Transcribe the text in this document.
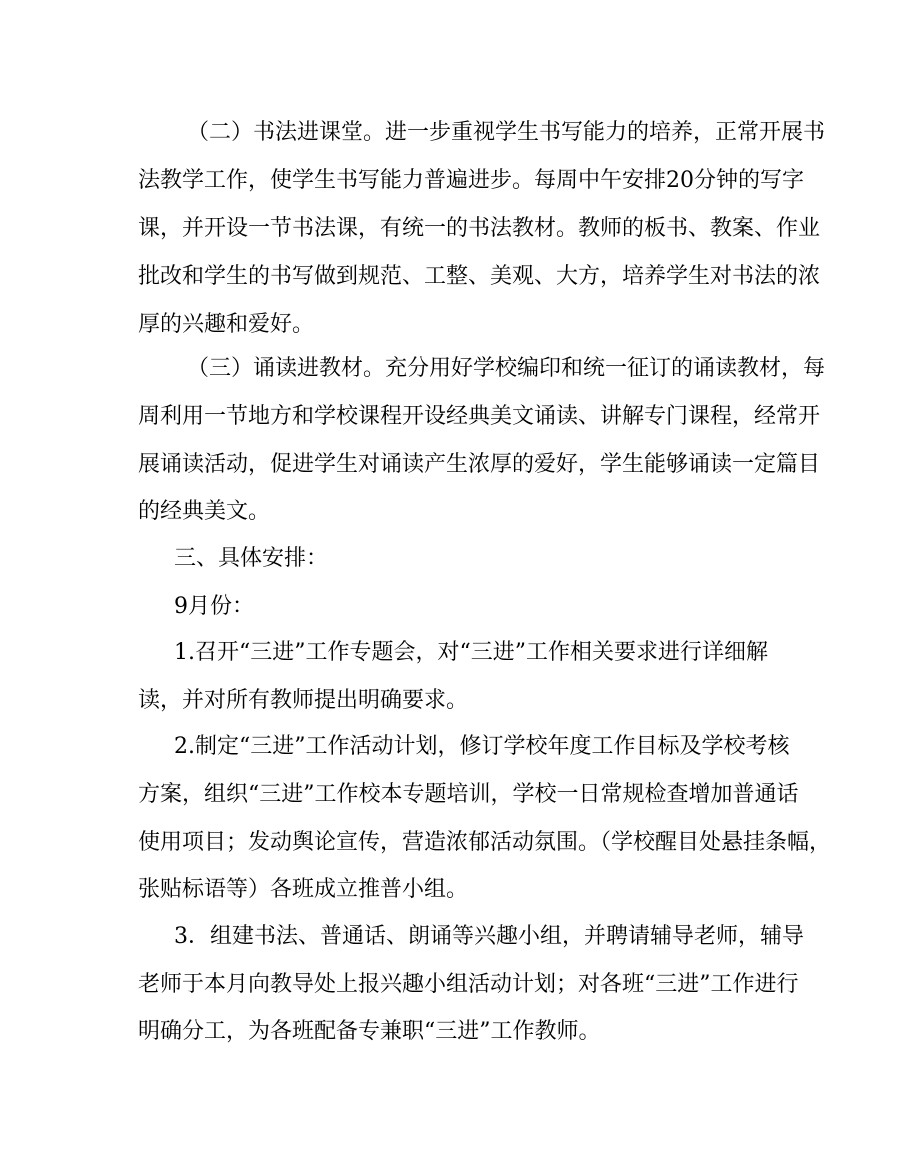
（二）书法进课堂。进一步重视学生书写能力的培养，正常开展书
法教学工作，使学生书写能力普遍进步。每周中午安排20分钟的写字
课，并开设一节书法课，有统一的书法教材。教师的板书、教案、作业
批改和学生的书写做到规范、工整、美观、大方，培养学生对书法的浓
厚的兴趣和爱好。
（三）诵读进教材。充分用好学校编印和统一征订的诵读教材，每
周利用一节地方和学校课程开设经典美文诵读、讲解专门课程，经常开
展诵读活动，促进学生对诵读产生浓厚的爱好，学生能够诵读一定篇目
的经典美文。
三、具体安排：
9月份：
1.召开“三进”工作专题会，对“三进”工作相关要求进行详细解
读，并对所有教师提出明确要求。
2.制定“三进”工作活动计划，修订学校年度工作目标及学校考核
方案，组织“三进”工作校本专题培训，学校一日常规检查增加普通话
使用项目；发动舆论宣传，营造浓郁活动氛围。（学校醒目处悬挂条幅，
张贴标语等）各班成立推普小组。
3．组建书法、普通话、朗诵等兴趣小组，并聘请辅导老师，辅导
老师于本月向教导处上报兴趣小组活动计划；对各班“三进”工作进行
明确分工，为各班配备专兼职“三进”工作教师。
